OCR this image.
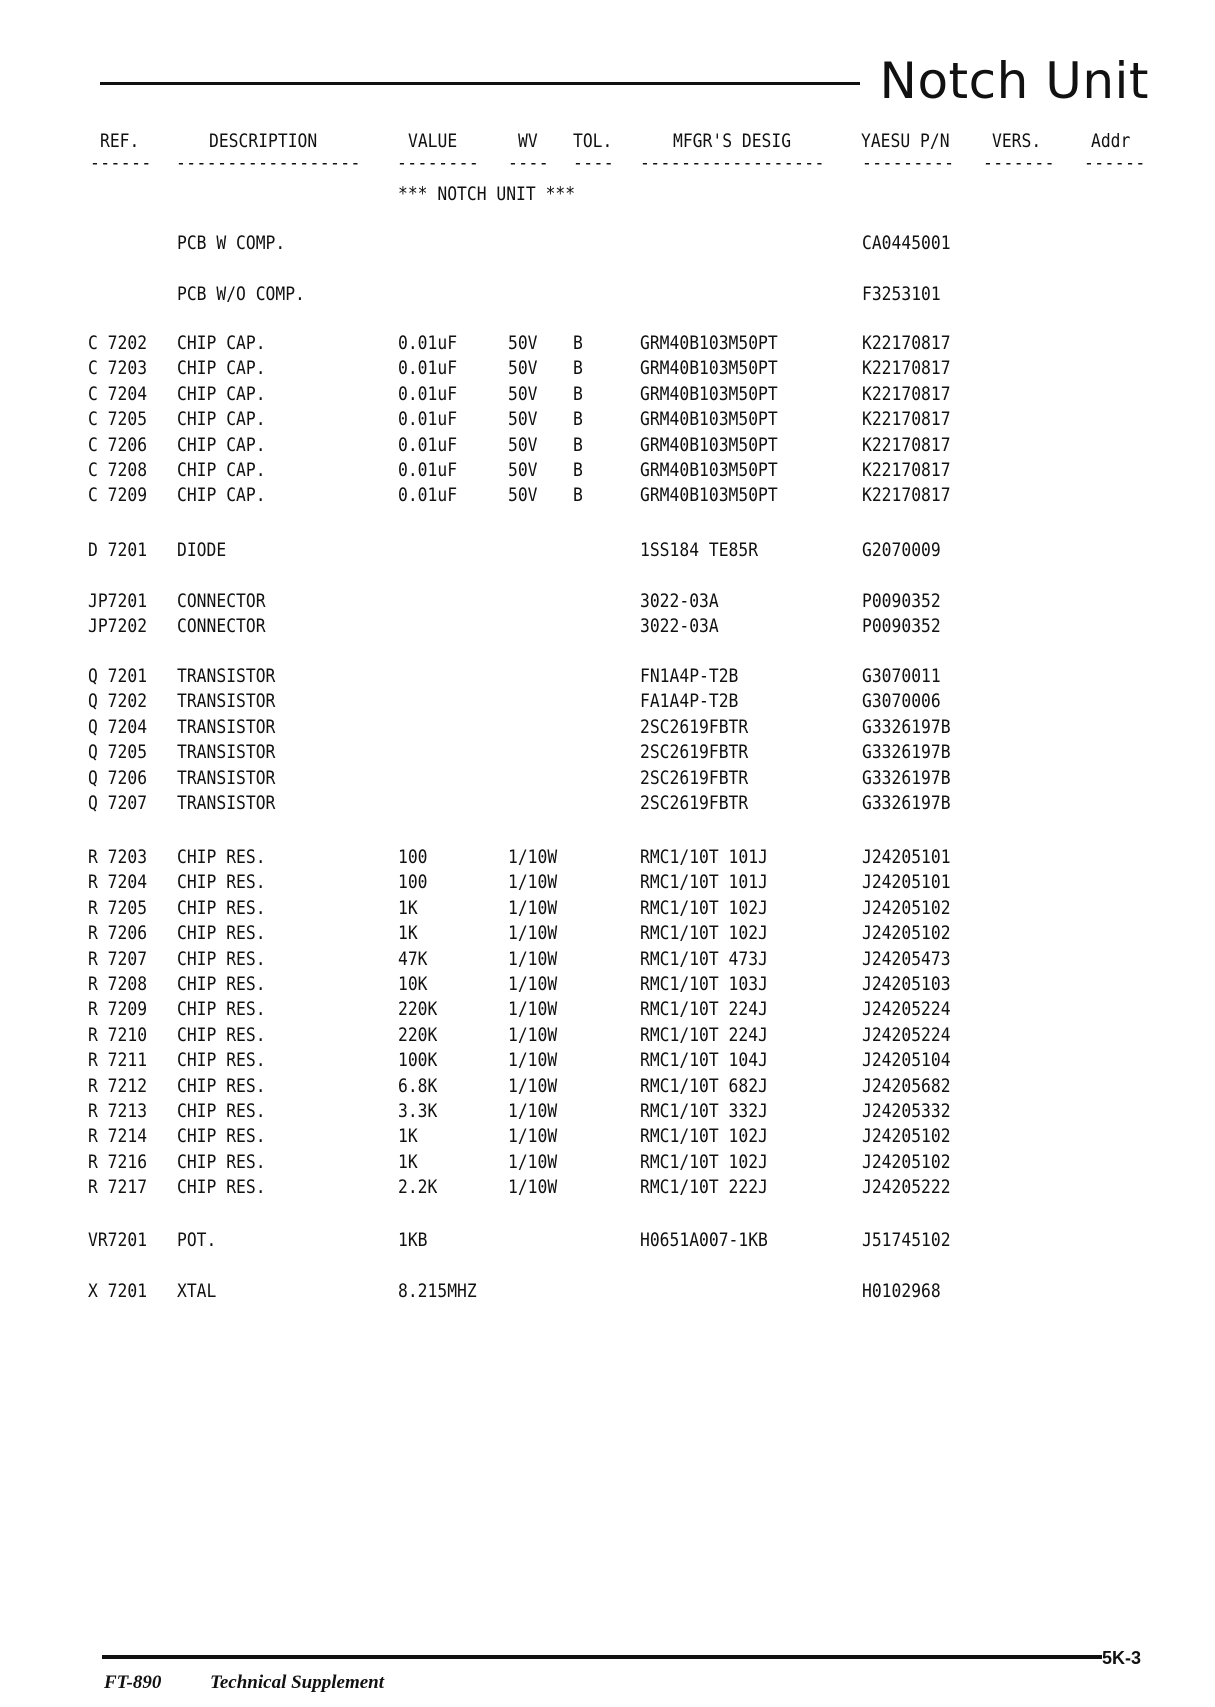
Notch Unit
REF.	DESCRIPTION	VALUE	WV TOL.	MFGR'S DESIG	YAESU P/N VERS.	Addr
------ ------------------ -------- ---- ---- ------------------ --------- ------- ------
*** NOTCH UNIT ***
PCB W COMP.	CA0445001
PCB W/O COMP.	F3253101
C 7202 CHIP CAP.	0.01uF	50V B	GRM40B103M50PT	K22170817
C 7203 CHIP CAP.	0.01uF	50V B	GRM40B103M50PT	K22170817
C 7204 CHIP CAP.	0.01uF	50V B	GRM40B103M50PT	K22170817
C 7205 CHIP CAP.	0.01uF	50V B	GRM40B103M50PT	K22170817
C 7206 CHIP CAP.	0.01uF	50V B	GRM40B103M50PT	K22170817
C 7208 CHIP CAP.	0.01uF	50V B	GRM40B103M50PT	K22170817
C 7209 CHIP CAP.	0.01uF	50V B	GRM40B103M50PT	K22170817
D 7201 DIODE	1SS184 TE85R	G2070009
JP7201 CONNECTOR	3022-03A	P0090352
JP7202 CONNECTOR	3022-03A	P0090352
Q 7201 TRANSISTOR	FN1A4P-T2B	G3070011
Q 7202 TRANSISTOR	FA1A4P-T2B	G3070006
Q 7204 TRANSISTOR	2SC2619FBTR	G3326197B
Q 7205 TRANSISTOR	2SC2619FBTR	G3326197B
Q 7206 TRANSISTOR	2SC2619FBTR	G3326197B
Q 7207 TRANSISTOR	2SC2619FBTR	G3326197B
R 7203 CHIP RES.	100	1/10W	RMC1/10T 101J	J24205101
R 7204 CHIP RES.	100	1/10W	RMC1/10T 101J	J24205101
R 7205 CHIP RES.	1K	1/10W	RMC1/10T 102J	J24205102
R 7206 CHIP RES.	1K	1/10W	RMC1/10T 102J	J24205102
R 7207 CHIP RES.	47K	1/10W	RMC1/10T 473J	J24205473
R 7208 CHIP RES.	10K	1/10W	RMC1/10T 103J	J24205103
R 7209 CHIP RES.	220K	1/10W	RMC1/10T 224J	J24205224
R 7210 CHIP RES.	220K	1/10W	RMC1/10T 224J	J24205224
R 7211 CHIP RES.	100K	1/10W	RMC1/10T 104J	J24205104
R 7212 CHIP RES.	6.8K	1/10W	RMC1/10T 682J	J24205682
R 7213 CHIP RES.	3.3K	1/10W	RMC1/10T 332J	J24205332
R 7214 CHIP RES.	1K	1/10W	RMC1/10T 102J	J24205102
R 7216 CHIP RES.	1K	1/10W	RMC1/10T 102J	J24205102
R 7217 CHIP RES.	2.2K	1/10W	RMC1/10T 222J	J24205222
VR7201 POT.	1KB	H0651A007-1KB	J51745102
X 7201 XTAL	8.215MHZ	H0102968
FT-890	Technical Supplement
5K-3
